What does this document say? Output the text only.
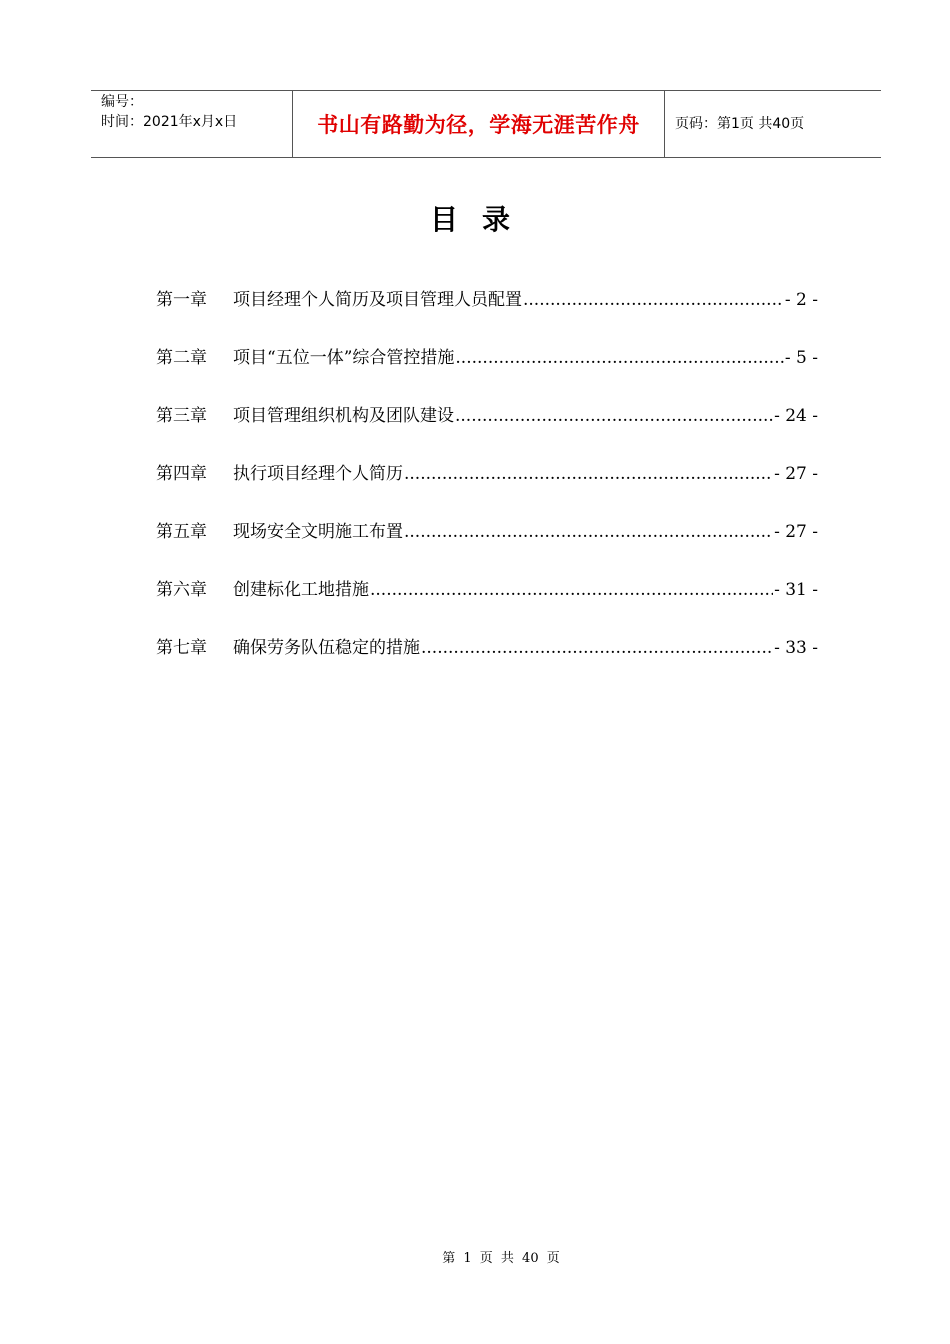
编号：
时间：2021年x月x日	书山有路勤为径，学海无涯苦作舟	页码：第1页 共40页
目录
第一章	项目经理个人简历及项目管理人员配置 .....	- 2 -
第二章	项目“五位一体”综合管控措施 .....	- 5 -
第三章	项目管理组织机构及团队建设 .....	- 24 -
第四章	执行项目经理个人简历 .....	- 27 -
第五章	现场安全文明施工布置 .....	- 27 -
第六章	创建标化工地措施 .....	- 31 -
第七章	确保劳务队伍稳定的措施 .....	- 33 -
第 1 页 共 40 页
